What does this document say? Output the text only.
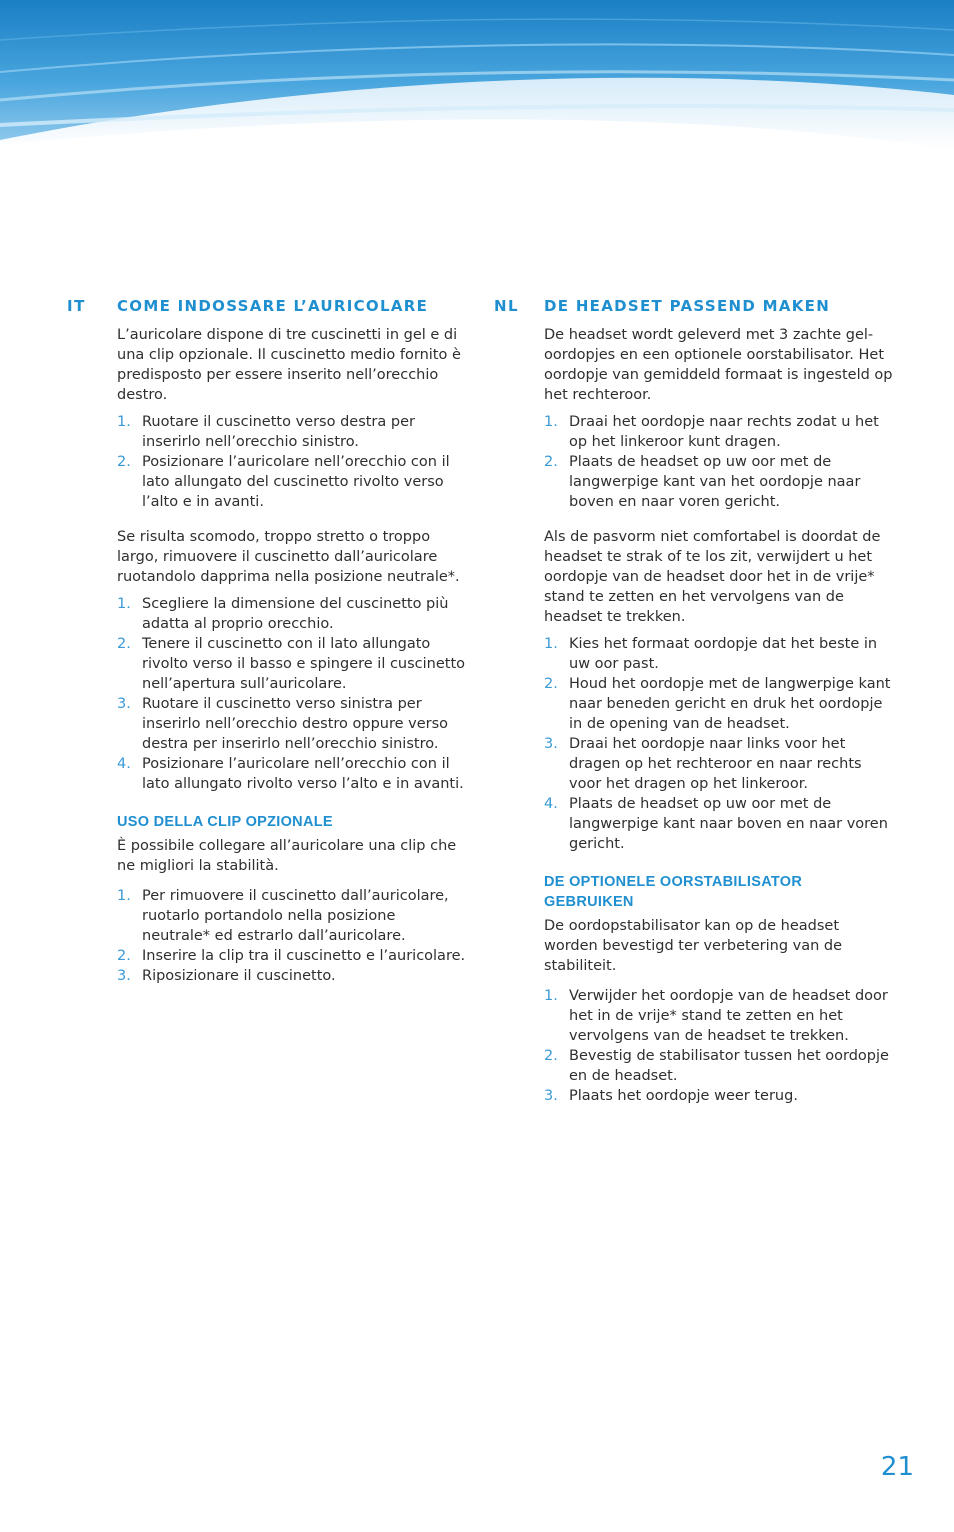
IT	COME INDOSSARE L’AURICOLARE

L’auricolare dispone di tre cuscinetti in gel e di una clip opzionale. Il cuscinetto medio fornito è predisposto per essere inserito nell’orecchio destro.

1. Ruotare il cuscinetto verso destra per inserirlo nell’orecchio sinistro.
2. Posizionare l’auricolare nell’orecchio con il lato allungato del cuscinetto rivolto verso l’alto e in avanti.

Se risulta scomodo, troppo stretto o troppo largo, rimuovere il cuscinetto dall’auricolare ruotandolo dapprima nella posizione neutrale*.

1. Scegliere la dimensione del cuscinetto più adatta al proprio orecchio.
2. Tenere il cuscinetto con il lato allungato rivolto verso il basso e spingere il cuscinetto nell’apertura sull’auricolare.
3. Ruotare il cuscinetto verso sinistra per inserirlo nell’orecchio destro oppure verso destra per inserirlo nell’orecchio sinistro.
4. Posizionare l’auricolare nell’orecchio con il lato allungato rivolto verso l’alto e in avanti.
USO DELLA CLIP OPZIONALE

È possibile collegare all’auricolare una clip che ne migliori la stabilità.

1. Per rimuovere il cuscinetto dall’auricolare, ruotarlo portandolo nella posizione neutrale* ed estrarlo dall’auricolare.
2. Inserire la clip tra il cuscinetto e l’auricolare.
3. Riposizionare il cuscinetto.
NL	DE HEADSET PASSEND MAKEN

De headset wordt geleverd met 3 zachte gel-oordopjes en een optionele oorstabilisator. Het oordopje van gemiddeld formaat is ingesteld op het rechteroor.

1. Draai het oordopje naar rechts zodat u het op het linkeroor kunt dragen.
2. Plaats de headset op uw oor met de langwerpige kant van het oordopje naar boven en naar voren gericht.

Als de pasvorm niet comfortabel is doordat de headset te strak of te los zit, verwijdert u het oordopje van de headset door het in de vrije* stand te zetten en het vervolgens van de headset te trekken.

1. Kies het formaat oordopje dat het beste in uw oor past.
2. Houd het oordopje met de langwerpige kant naar beneden gericht en druk het oordopje in de opening van de headset.
3. Draai het oordopje naar links voor het dragen op het rechteroor en naar rechts voor het dragen op het linkeroor.
4. Plaats de headset op uw oor met de langwerpige kant naar boven en naar voren gericht.
DE OPTIONELE OORSTABILISATOR GEBRUIKEN

De oordopstabilisator kan op de headset worden bevestigd ter verbetering van de stabiliteit.

1. Verwijder het oordopje van de headset door het in de vrije* stand te zetten en het vervolgens van de headset te trekken.
2. Bevestig de stabilisator tussen het oordopje en de headset.
3. Plaats het oordopje weer terug.
21
